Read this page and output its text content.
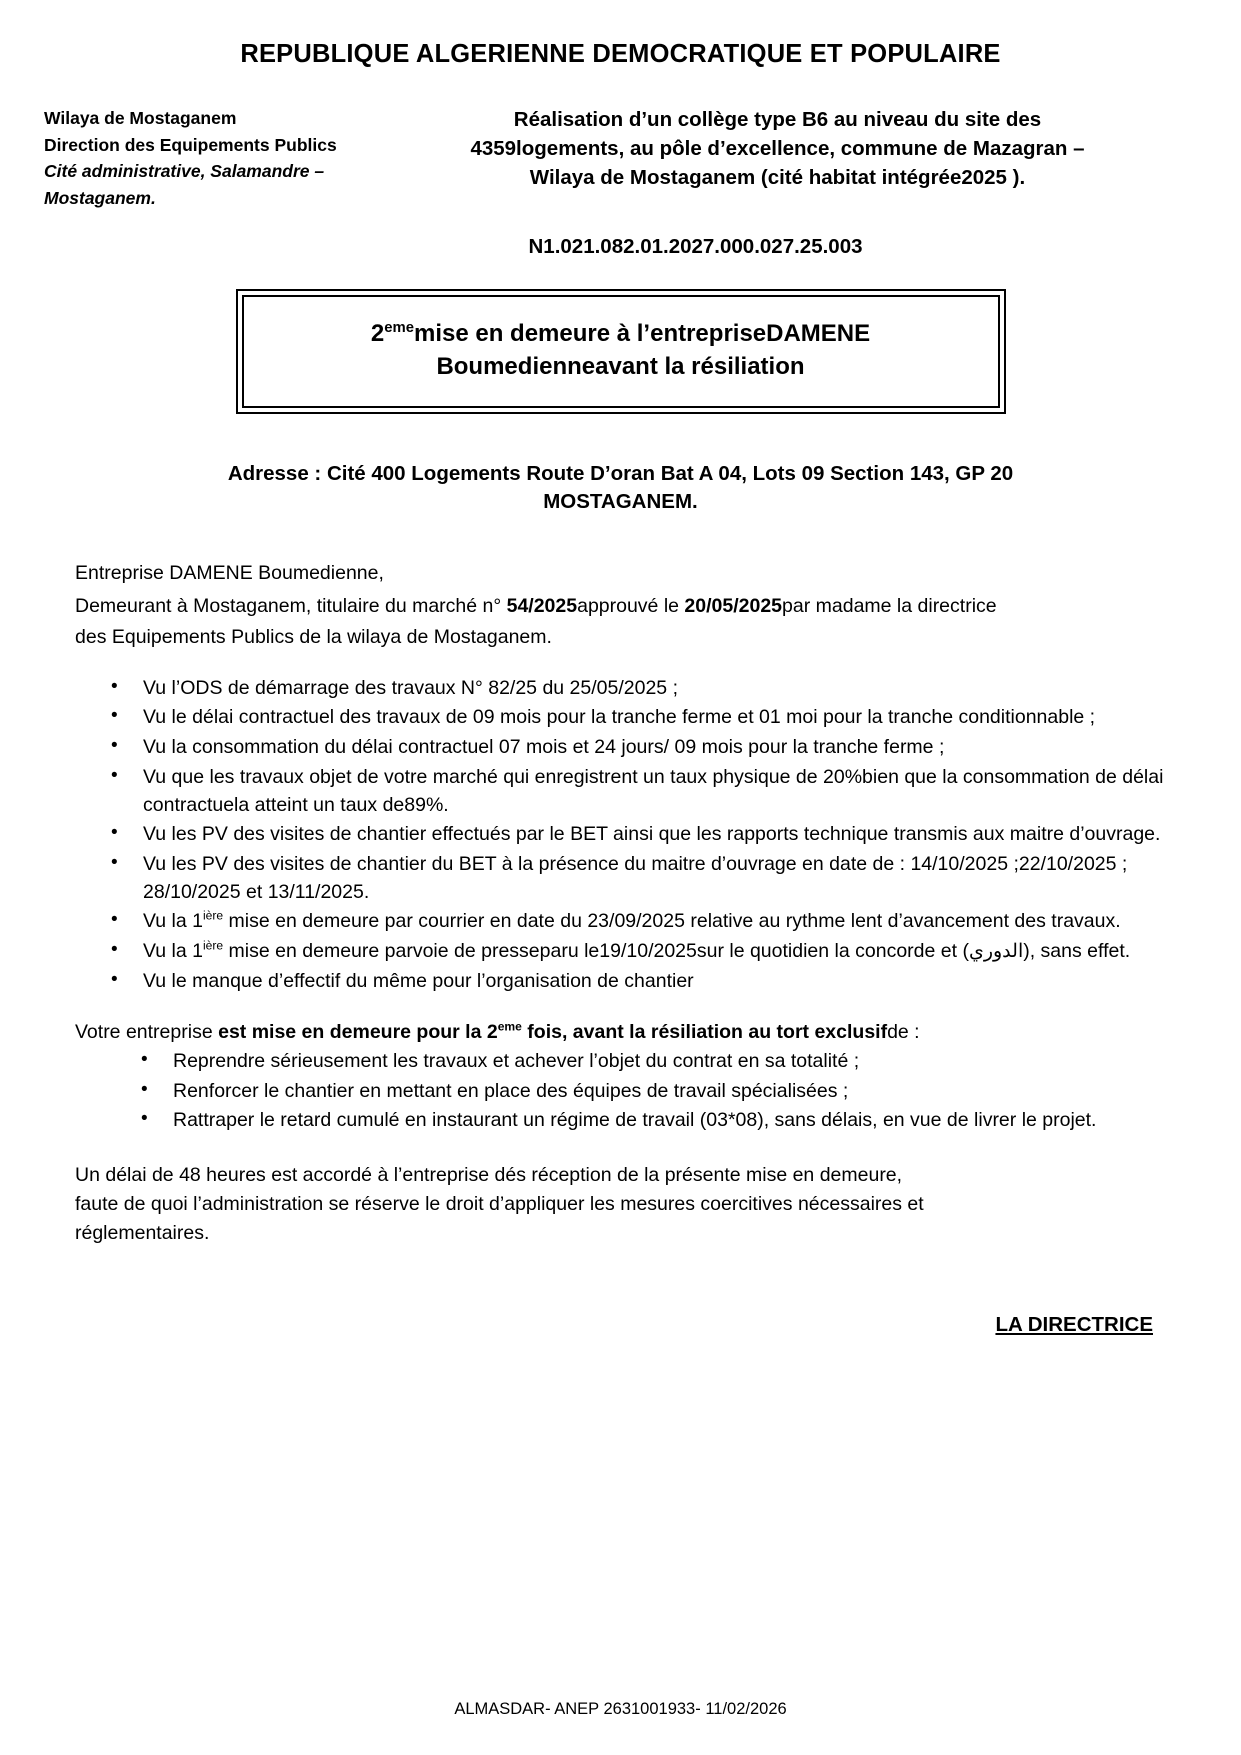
REPUBLIQUE ALGERIENNE DEMOCRATIQUE ET POPULAIRE
Wilaya de Mostaganem
Direction des Equipements Publics
Cité administrative, Salamandre –
Mostaganem.
Réalisation d’un collège type B6 au niveau du site des
4359logements, au pôle d’excellence, commune de Mazagran –
Wilaya de Mostaganem (cité habitat intégrée2025 ).
N1.021.082.01.2027.000.027.25.003
2ememise en demeure à l’entrepriseDAMENE
Boumedienneavant la résiliation
Adresse : Cité 400 Logements Route D’oran Bat A 04, Lots 09 Section 143, GP 20
MOSTAGANEM.
Entreprise DAMENE Boumedienne,
Demeurant à Mostaganem, titulaire du marché n° 54/2025approuvé le 20/05/2025par madame la directrice
des Equipements Publics de la wilaya de Mostaganem.
• Vu l’ODS de démarrage des travaux N° 82/25 du 25/05/2025 ;
• Vu le délai contractuel des travaux de 09 mois pour la tranche ferme et 01 moi pour la tranche conditionnable ;
• Vu la consommation du délai contractuel 07 mois et 24 jours/ 09 mois pour la tranche ferme ;
• Vu que les travaux objet de votre marché qui enregistrent un taux physique de 20%bien que la consommation de délai contractuela atteint un taux de89%.
• Vu les PV des visites de chantier effectués par le BET ainsi que les rapports technique transmis aux maitre d’ouvrage.
• Vu les PV des visites de chantier du BET à la présence du maitre d’ouvrage en date de : 14/10/2025 ;22/10/2025 ; 28/10/2025 et 13/11/2025.
• Vu la $1^{ière}$ mise en demeure par courrier en date du 23/09/2025 relative au rythme lent d’avancement des travaux.
• Vu la $1^{ière}$ mise en demeure parvoie de presseparu le19/10/2025sur le quotidien la concorde et (الدوري), sans effet.
• Vu le manque d’effectif du même pour l’organisation de chantier
Votre entreprise est mise en demeure pour la 2eme fois, avant la résiliation au tort exclusifde :
• Reprendre sérieusement les travaux et achever l’objet du contrat en sa totalité ;
• Renforcer le chantier en mettant en place des équipes de travail spécialisées ;
• Rattraper le retard cumulé en instaurant un régime de travail (03*08), sans délais, en vue de livrer le projet.
Un délai de 48 heures est accordé à l’entreprise dés réception de la présente mise en demeure,
faute de quoi l’administration se réserve le droit d’appliquer les mesures coercitives nécessaires et
réglementaires.
LA DIRECTRICE
ALMASDAR- ANEP 2631001933- 11/02/2026
